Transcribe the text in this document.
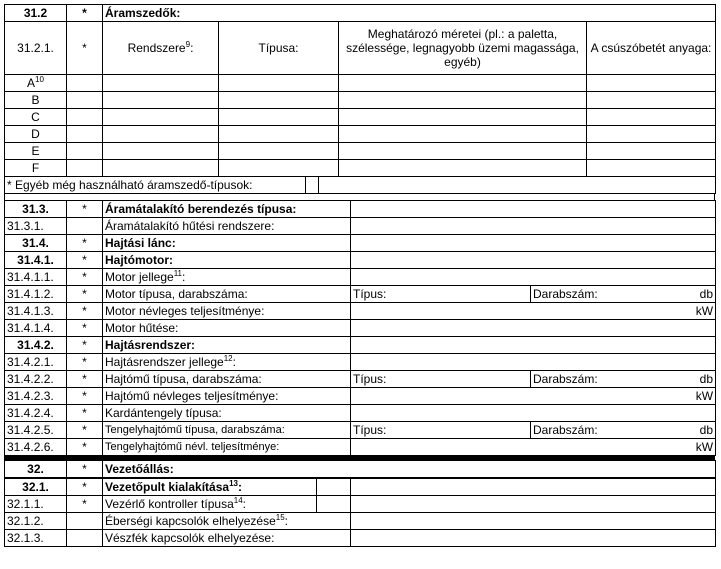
31.2	*	Áramszedők:			
31.2.1.	*	Rendszere$^9$:	Típusa:	Meghatározó méretei (pl.: a paletta, szélessége, legnagyobb üzemi magassága, egyéb)	A csúszóbetét anyaga:
$A^{10}$					
B					
C					
D					
E					
F					

* Egyéb még használható áramszedő-típusok:					
31.3.	*	Áramátalakító berendezés típusa:		
31.3.1.		Áramátalakító hűtési rendszere:		
31.4.	*	Hajtási lánc:		
31.4.1.	*	Hajtómotor:		
31.4.1.1.	*	Motor jellege$^{11}$:		
31.4.1.2.	*	Motor típusa, darabszáma:	Típus:	Darabszám: db

31.4.1.3.	*	Motor névleges teljesítménye:	kW	
31.4.1.4.	*	Motor hűtése:		
31.4.2.	*	Hajtásrendszer:		
31.4.2.1.	*	Hajtásrendszer jellege$^{12}$:		
31.4.2.2.	*	Hajtómű típusa, darabszáma:	Típus:	Darabszám: db

31.4.2.3.	*	Hajtómű névleges teljesítménye:	kW	
31.4.2.4.	*	Kardántengely típusa:		
31.4.2.5.	*	Tengelyhajtómű típusa, darabszáma:	Típus:	Darabszám: db

31.4.2.6.	*	Tengelyhajtómű névl. teljesítménye:	kW	
32.	*	Vezetőállás:		
32.1.	*	Vezetőpult kialakítása$^{13}$:		
32.1.1.	*	Vezérlő kontroller típusa$^{14}$:		
32.1.2.		Éberségi kapcsolók elhelyezése$^{15}$:		
32.1.3.		Vészfék kapcsolók elhelyezése:		
